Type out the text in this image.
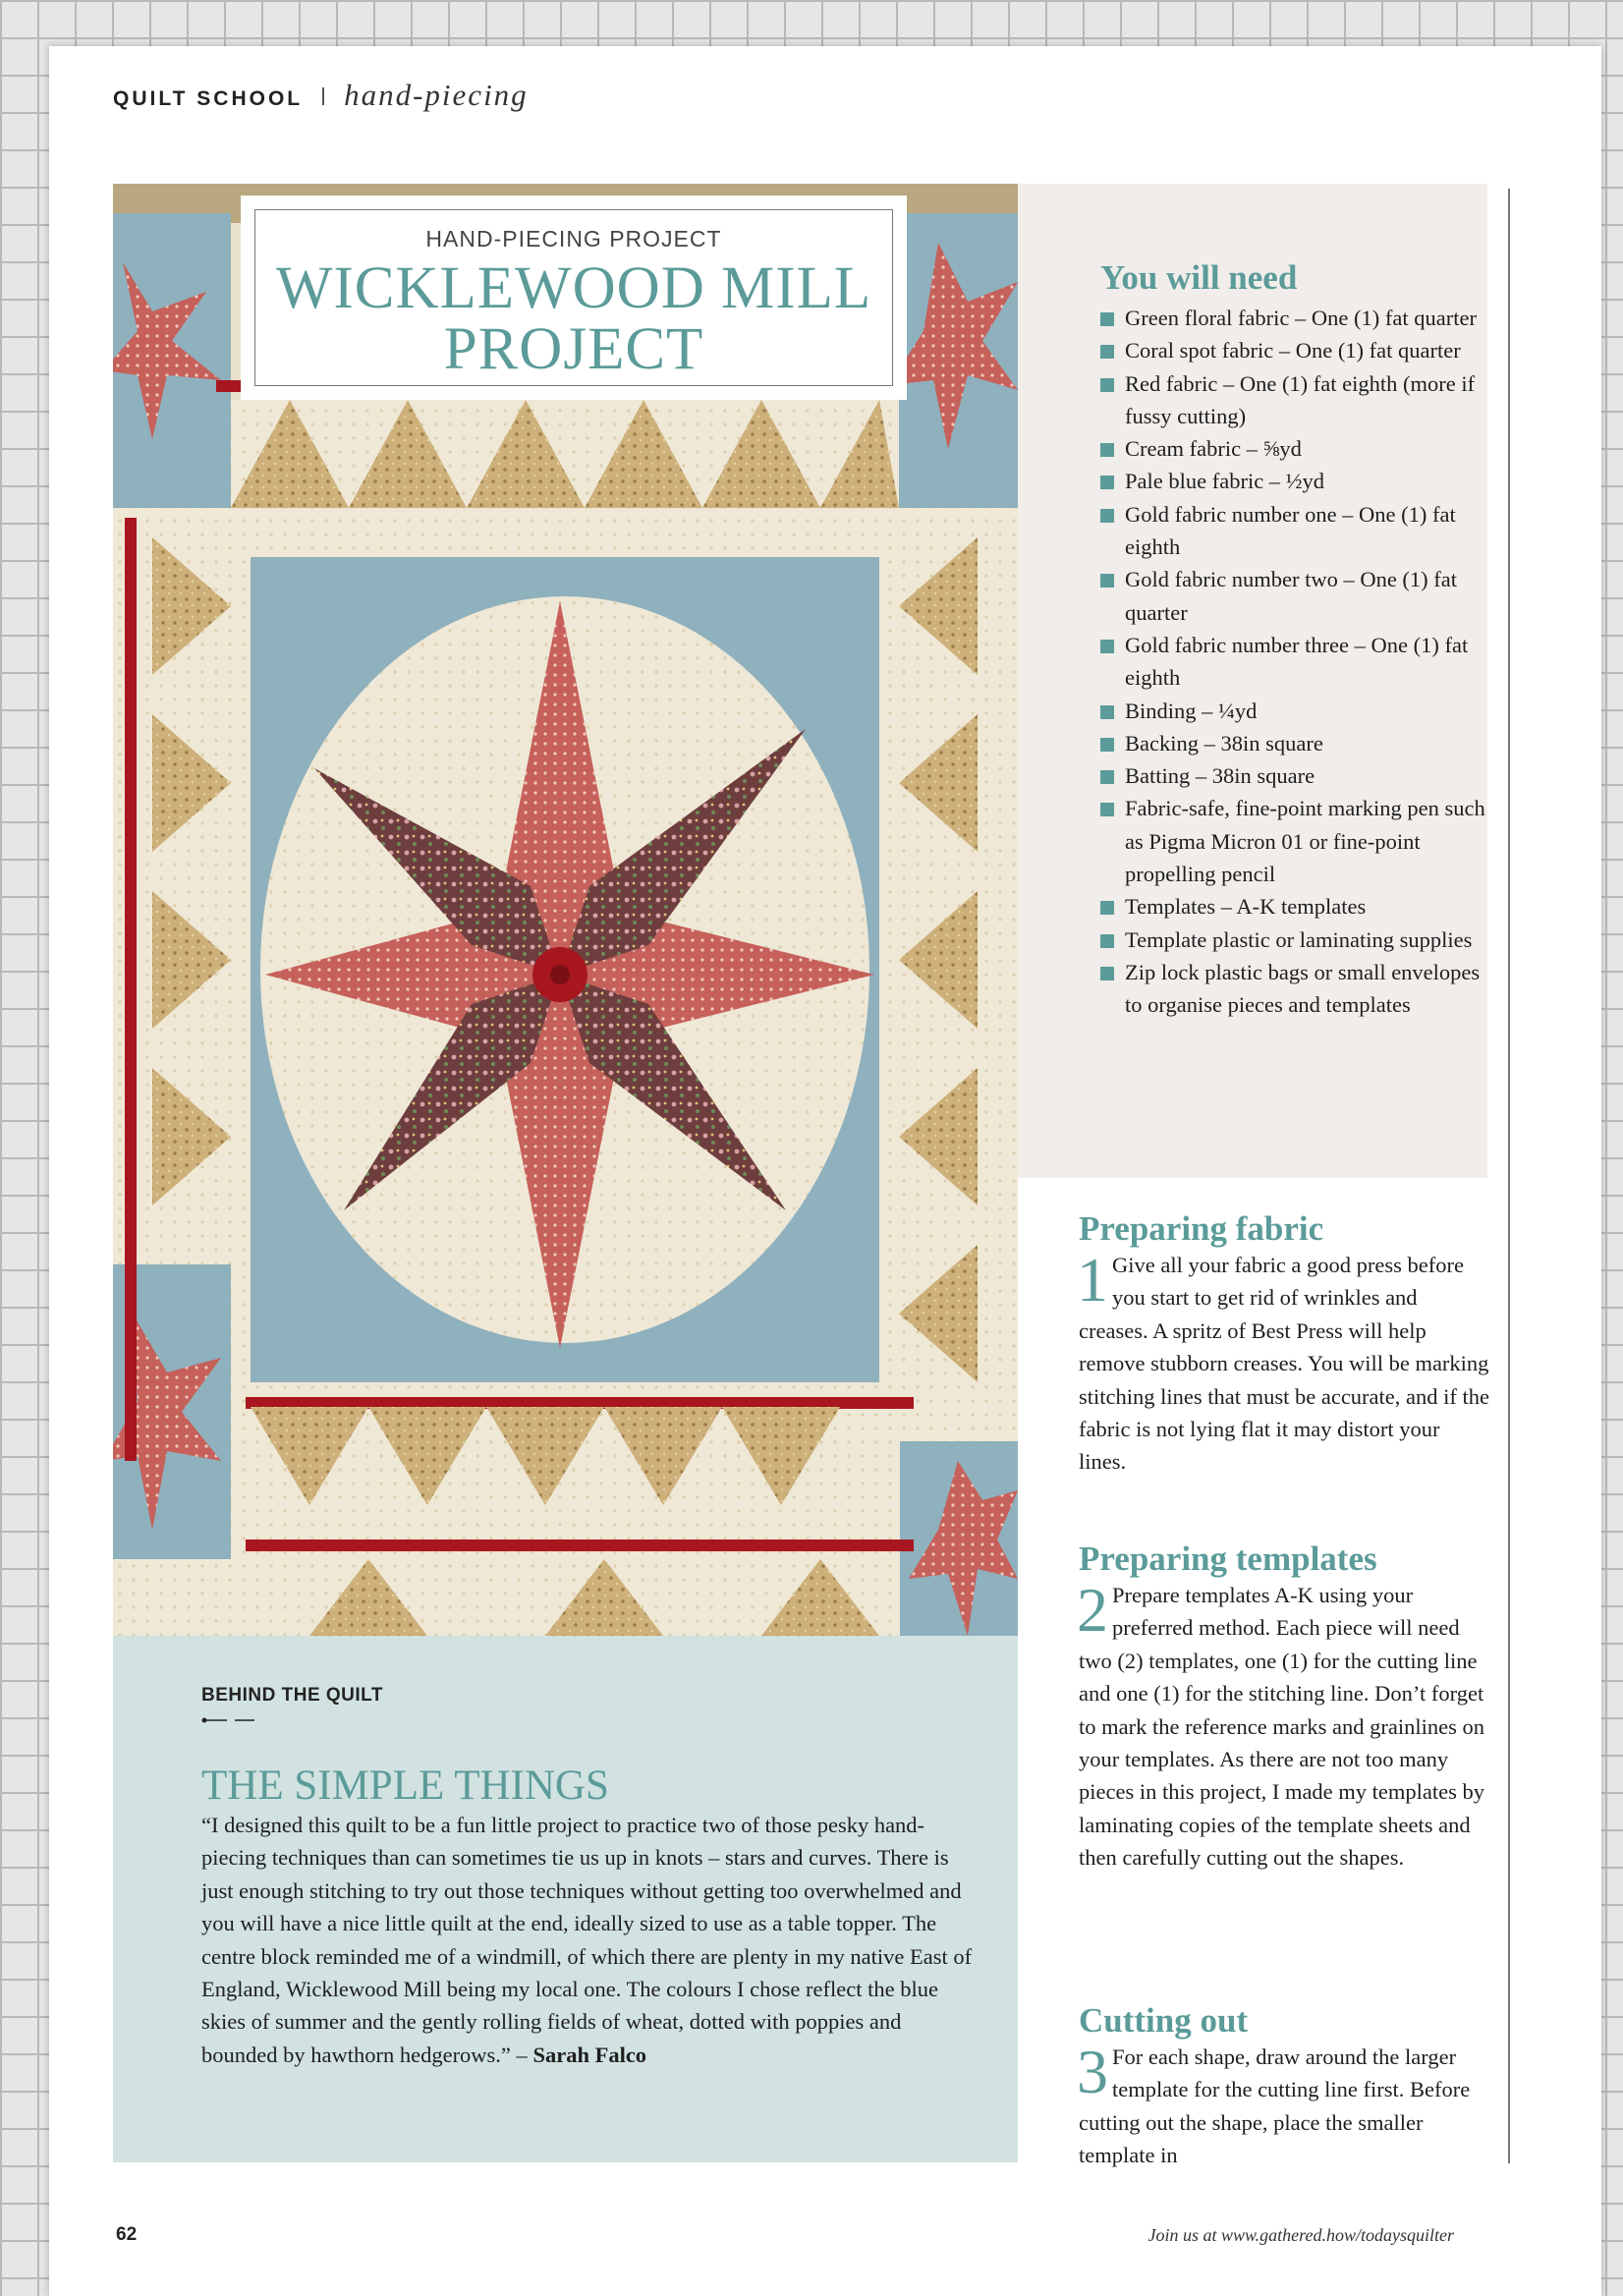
QUILT SCHOOL hand-piecing
HAND-PIECING PROJECT
WICKLEWOOD MILL
PROJECT
BEHIND THE QUILT
THE SIMPLE THINGS

“I designed this quilt to be a fun little project to practice two of those pesky hand-piecing techniques than can sometimes tie us up in knots – stars and curves. There is just enough stitching to try out those techniques without getting too overwhelmed and you will have a nice little quilt at the end, ideally sized to use as a table topper. The centre block reminded me of a windmill, of which there are plenty in my native East of England, Wicklewood Mill being my local one. The colours I chose reflect the blue skies of summer and the gently rolling fields of wheat, dotted with poppies and bounded by hawthorn hedgerows.” – Sarah Falco

You will need
Green floral fabric – One (1) fat quarter
Coral spot fabric – One (1) fat quarter
Red fabric – One (1) fat eighth (more if fussy cutting)
Cream fabric – ⅝yd
Pale blue fabric – ½yd
Gold fabric number one – One (1) fat eighth
Gold fabric number two – One (1) fat quarter
Gold fabric number three – One (1) fat eighth
Binding – ¼yd
Backing – 38in square
Batting – 38in square
Fabric-safe, fine-point marking pen such as Pigma Micron 01 or fine-point propelling pencil
Templates – A-K templates
Template plastic or laminating supplies
Zip lock plastic bags or small envelopes to organise pieces and templates
Preparing fabric

1 Give all your fabric a good press before you start to get rid of wrinkles and creases. A spritz of Best Press will help remove stubborn creases. You will be marking stitching lines that must be accurate, and if the fabric is not lying flat it may distort your lines.

Preparing templates

2 Prepare templates A-K using your preferred method. Each piece will need two (2) templates, one (1) for the cutting line and one (1) for the stitching line. Don’t forget to mark the reference marks and grainlines on your templates. As there are not too many pieces in this project, I made my templates by laminating copies of the template sheets and then carefully cutting out the shapes.

Cutting out

3 For each shape, draw around the larger template for the cutting line first. Before cutting out the shape, place the smaller template in

62	Join us at www.gathered.how/todaysquilter
